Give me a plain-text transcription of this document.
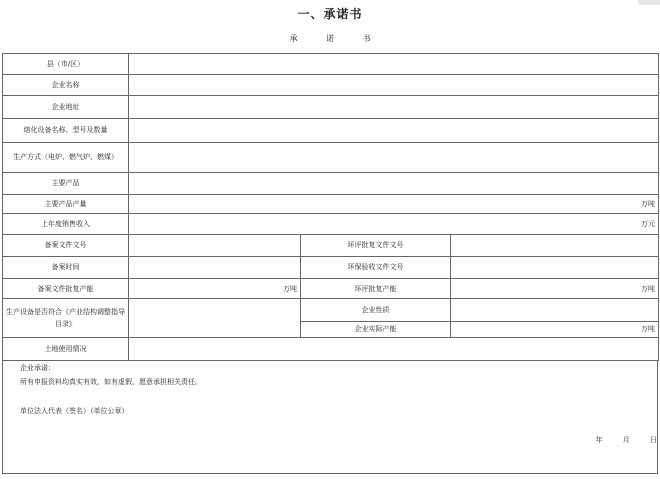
一、承诺书
承 诺 书
县（市/区）			
企业名称			
企业地址			
熔化设备名称、型号及数量			
生产方式（电炉、燃气炉、燃煤）			
主要产品			
主要产品产量	万吨		
上年度销售收入	万元		
备案文件文号		环评批复文件文号	
备案时间		环保验收文件文号	
备案文件批复产能	万吨	环评批复产能	万吨
生产设备是否符合《产业结构调整指导目录》		企业性质	
		企业实际产能	万吨
土地使用情况			
企业承诺：
所有申报资料均真实有效，如有虚假，愿意承担相关责任。
单位法人代表（签名）（单位公章）
年 月 日
